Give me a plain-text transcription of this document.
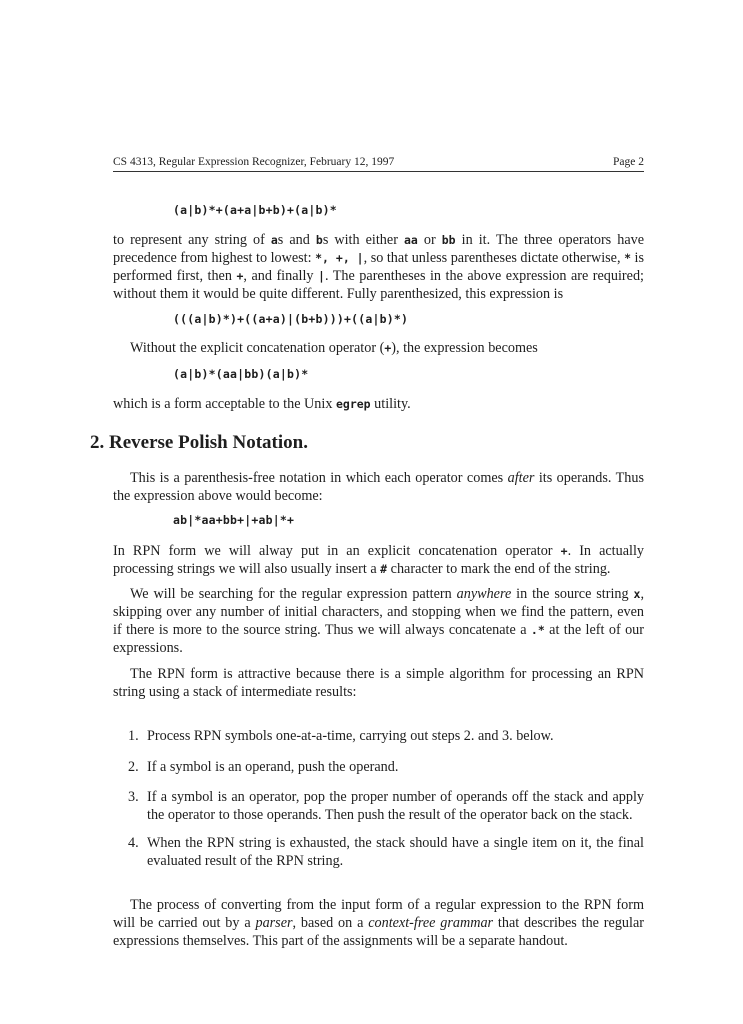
CS 4313, Regular Expression Recognizer, February 12, 1997	Page 2
(a|b)*+(a+a|b+b)+(a|b)*
to represent any string of as and bs with either aa or bb in it. The three operators have precedence from highest to lowest: *, +, |, so that unless parentheses dictate otherwise, * is performed first, then +, and finally |. The parentheses in the above expression are required; without them it would be quite different. Fully parenthesized, this expression is
(((a|b)*)+((a+a)|(b+b)))+((a|b)*)
Without the explicit concatenation operator (+), the expression becomes
(a|b)*(aa|bb)(a|b)*
which is a form acceptable to the Unix egrep utility.
2. Reverse Polish Notation.
This is a parenthesis-free notation in which each operator comes after its operands. Thus the expression above would become:
ab|*aa+bb+|+ab|*+
In RPN form we will alway put in an explicit concatenation operator +. In actually processing strings we will also usually insert a # character to mark the end of the string.
We will be searching for the regular expression pattern anywhere in the source string x, skipping over any number of initial characters, and stopping when we find the pattern, even if there is more to the source string. Thus we will always concatenate a .* at the left of our expressions.
The RPN form is attractive because there is a simple algorithm for processing an RPN string using a stack of intermediate results:
1. Process RPN symbols one-at-a-time, carrying out steps 2. and 3. below.
2. If a symbol is an operand, push the operand.
3. If a symbol is an operator, pop the proper number of operands off the stack and apply the operator to those operands. Then push the result of the operator back on the stack.
4. When the RPN string is exhausted, the stack should have a single item on it, the final evaluated result of the RPN string.
The process of converting from the input form of a regular expression to the RPN form will be carried out by a parser, based on a context-free grammar that describes the regular expressions themselves. This part of the assignments will be a separate handout.
